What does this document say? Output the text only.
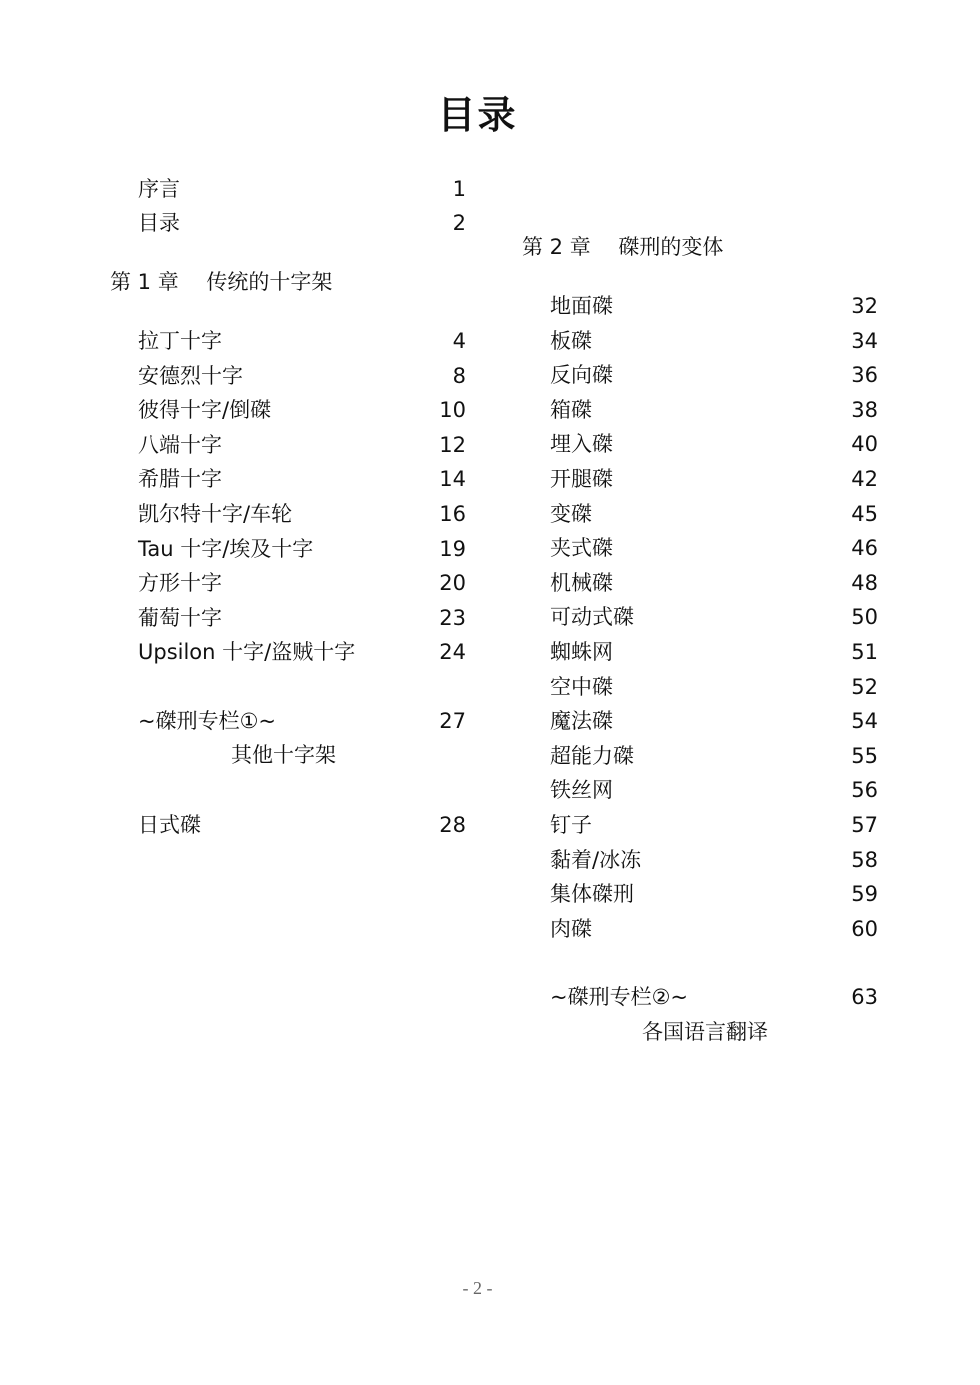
目录
序言	1
目录	2
第 1 章　 传统的十字架
拉丁十字	4
安德烈十字	8
彼得十字/倒磔	10
八端十字	12
希腊十字	14
凯尔特十字/车轮	16
Tau 十字/埃及十字	19
方形十字	20
葡萄十字	23
Upsilon 十字/盗贼十字	24
~磔刑专栏①~	27
其他十字架
日式磔	28
第 2 章　 磔刑的变体
地面磔	32
板磔	34
反向磔	36
箱磔	38
埋入磔	40
开腿磔	42
变磔	45
夹式磔	46
机械磔	48
可动式磔	50
蜘蛛网	51
空中磔	52
魔法磔	54
超能力磔	55
铁丝网	56
钉子	57
黏着/冰冻	58
集体磔刑	59
肉磔	60
~磔刑专栏②~	63
各国语言翻译
- 2 -
